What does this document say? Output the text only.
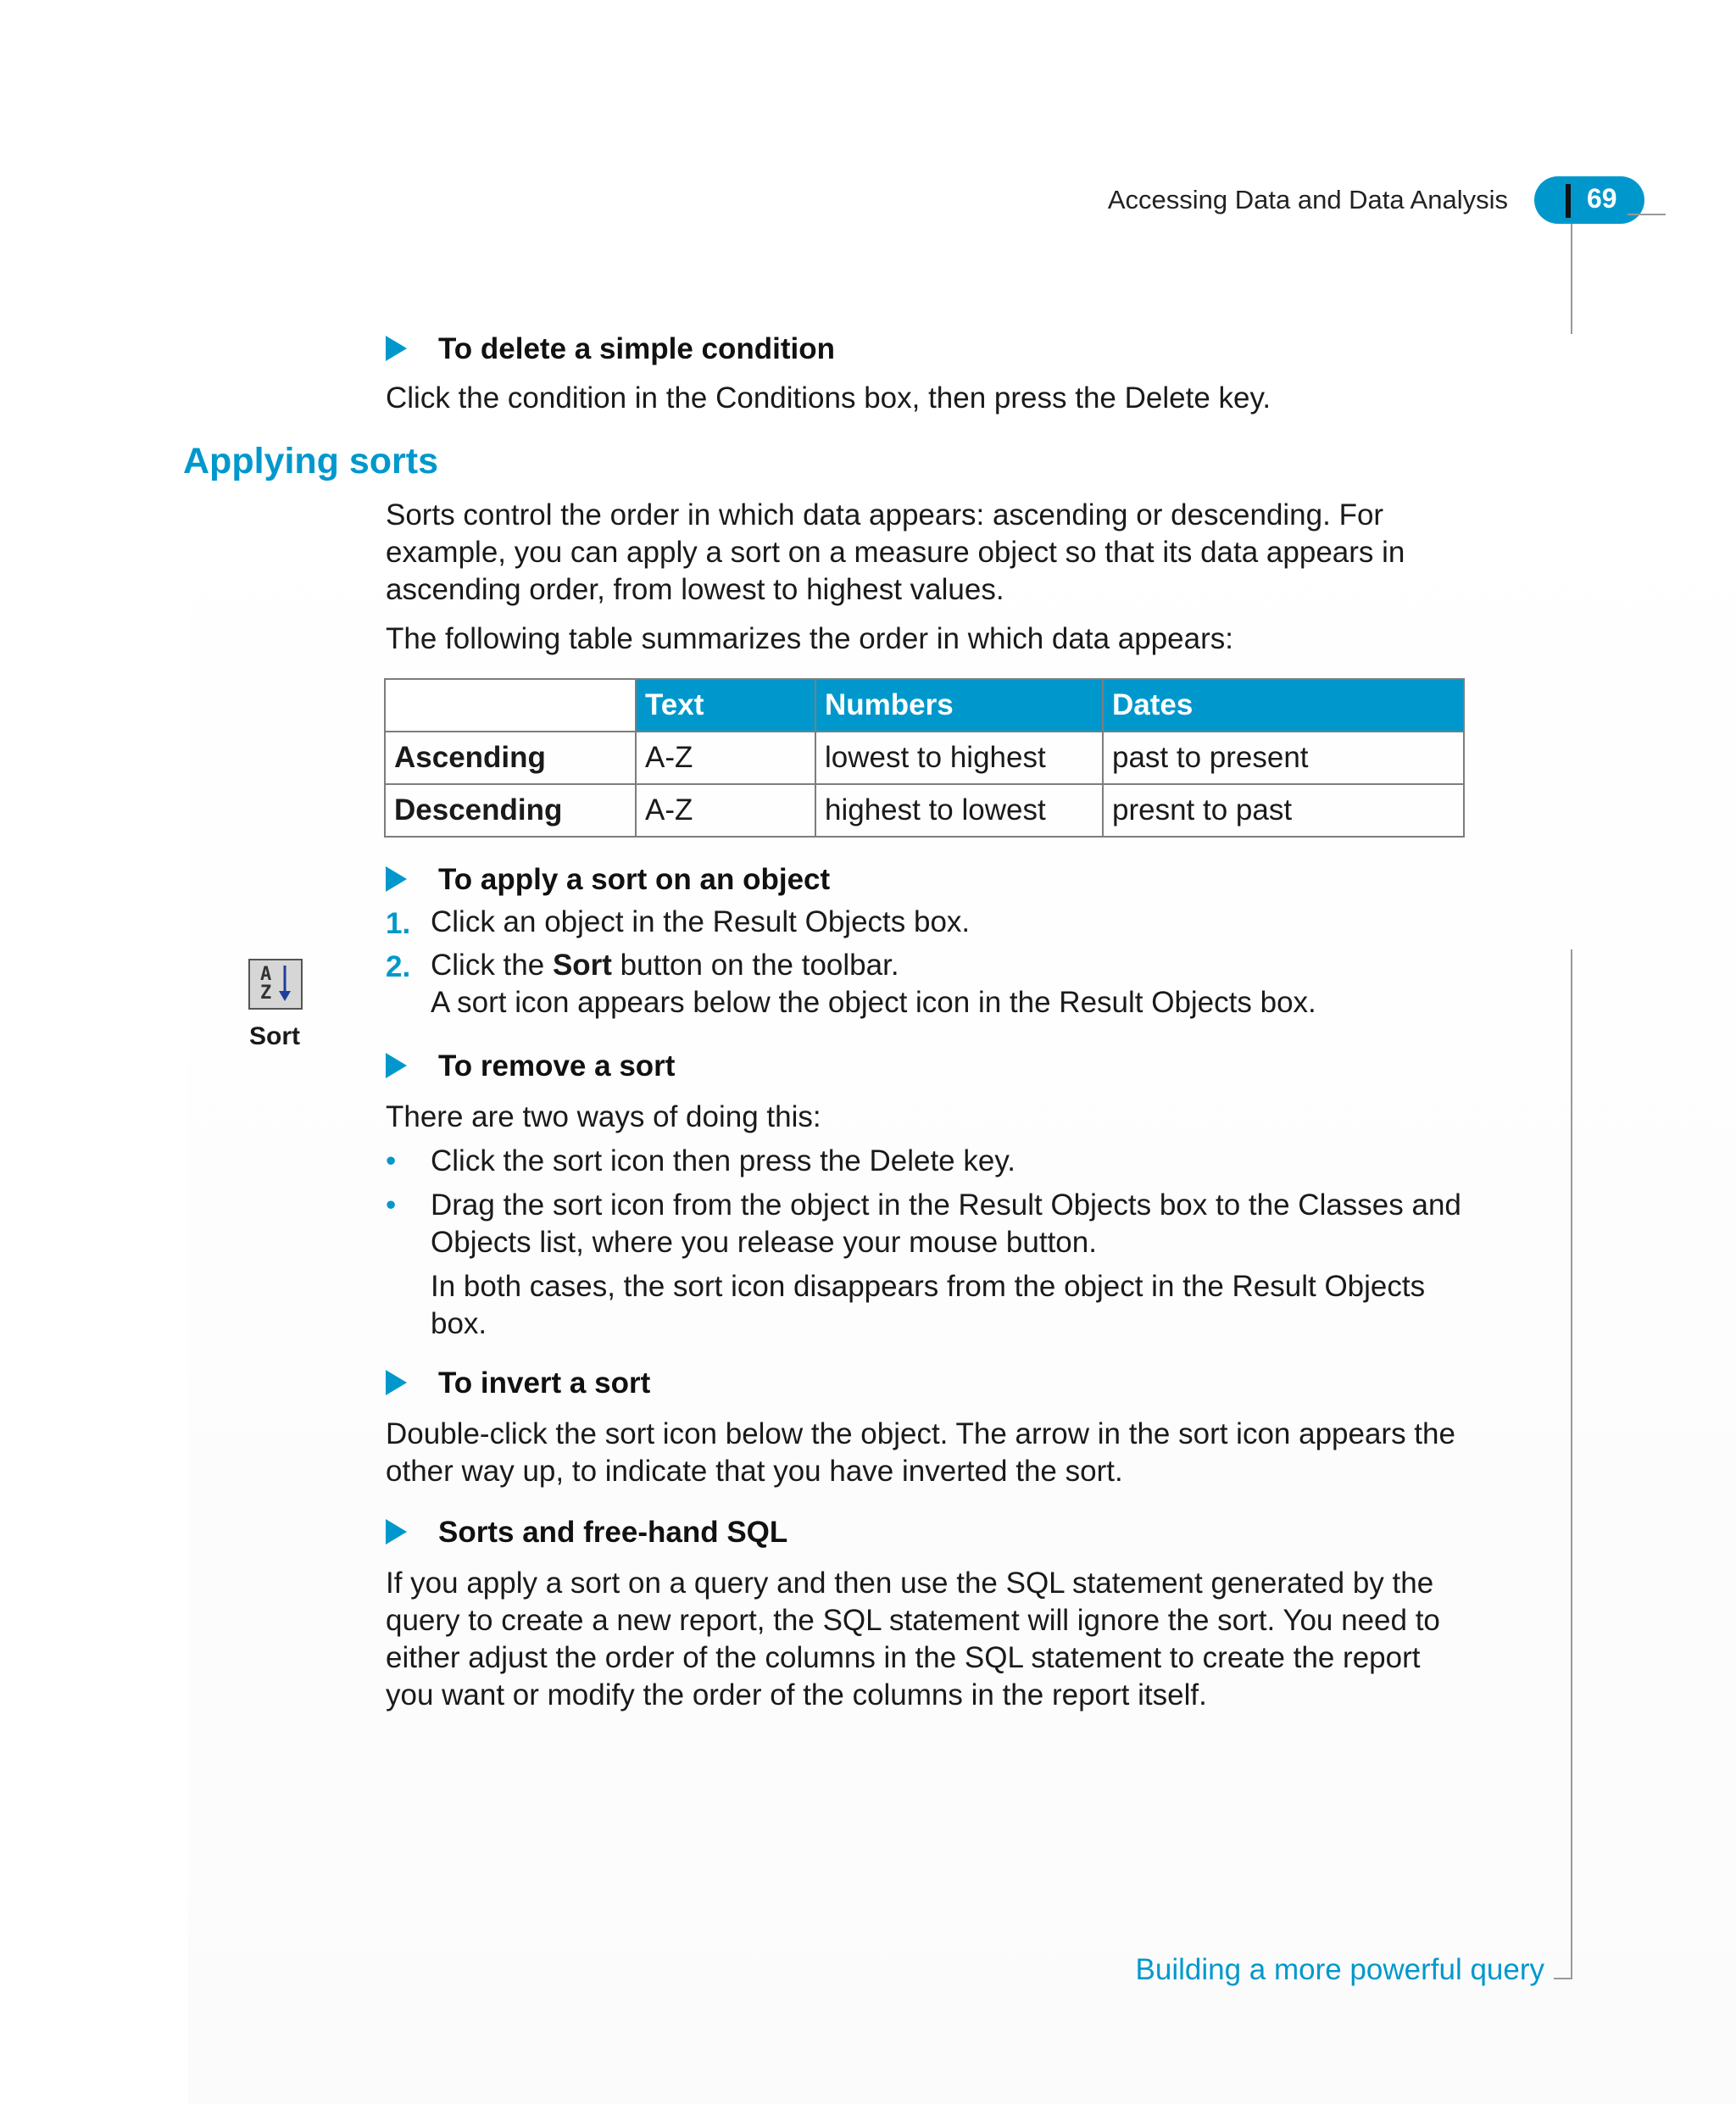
Accessing Data and Data Analysis	69
To delete a simple condition
Click the condition in the Conditions box, then press the Delete key.
Applying sorts
Sorts control the order in which data appears: ascending or descending. For example, you can apply a sort on a measure object so that its data appears in ascending order, from lowest to highest values.
The following table summarizes the order in which data appears:
	Text	Numbers	Dates
Ascending	A-Z	lowest to highest	past to present
Descending	A-Z	highest to lowest	presnt to past
To apply a sort on an object
1. Click an object in the Result Objects box.
2. Click the Sort button on the toolbar.
A sort icon appears below the object icon in the Result Objects box.
A
Z
Sort
To remove a sort
There are two ways of doing this:
• Click the sort icon then press the Delete key.
• Drag the sort icon from the object in the Result Objects box to the Classes and Objects list, where you release your mouse button.
In both cases, the sort icon disappears from the object in the Result Objects box.
To invert a sort
Double-click the sort icon below the object. The arrow in the sort icon appears the other way up, to indicate that you have inverted the sort.
Sorts and free-hand SQL
If you apply a sort on a query and then use the SQL statement generated by the query to create a new report, the SQL statement will ignore the sort. You need to either adjust the order of the columns in the SQL statement to create the report you want or modify the order of the columns in the report itself.
Building a more powerful query
